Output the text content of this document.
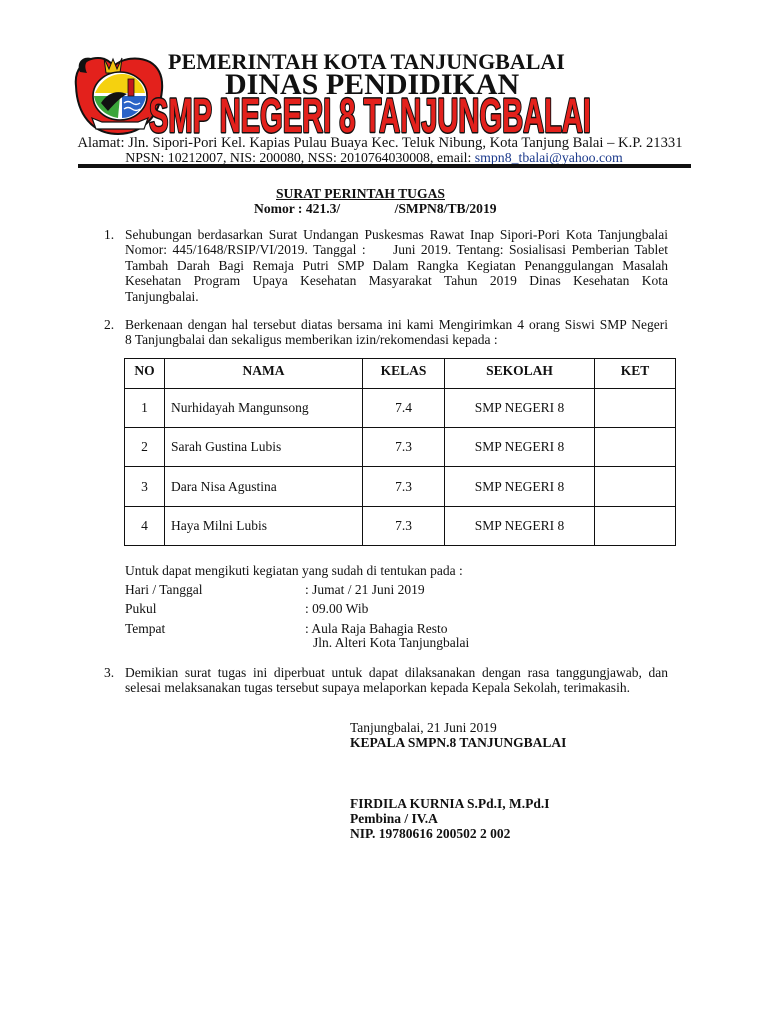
PEMERINTAH KOTA TANJUNGBALAI
DINAS PENDIDIKAN
SMP NEGERI 8 TANJUNGBALAI
Alamat: Jln. Sipori-Pori Kel. Kapias Pulau Buaya Kec. Teluk Nibung, Kota Tanjung Balai – K.P. 21331
NPSN: 10212007, NIS: 200080, NSS: 2010764030008, email: smpn8_tbalai@yahoo.com
SURAT PERINTAH TUGAS
Nomor : 421.3/                /SMPN8/TB/2019
1. Sehubungan berdasarkan Surat Undangan Puskesmas Rawat Inap Sipori-Pori Kota Tanjungbalai
Nomor: 445/1648/RSIP/VI/2019. Tanggal :     Juni 2019. Tentang: Sosialisasi Pemberian Tablet
Tambah Darah Bagi Remaja Putri SMP Dalam Rangka Kegiatan Penanggulangan Masalah
Kesehatan Program Upaya Kesehatan Masyarakat Tahun 2019 Dinas Kesehatan Kota
Tanjungbalai.
2. Berkenaan dengan hal tersebut diatas bersama ini kami Mengirimkan 4 orang Siswi SMP Negeri
8 Tanjungbalai dan sekaligus memberikan izin/rekomendasi kepada :
NO	NAMA	KELAS	SEKOLAH	KET
1	Nurhidayah Mangunsong	7.4	SMP NEGERI 8	
2	Sarah Gustina Lubis	7.3	SMP NEGERI 8	
3	Dara Nisa Agustina	7.3	SMP NEGERI 8	
4	Haya Milni Lubis	7.3	SMP NEGERI 8	
Untuk dapat mengikuti kegiatan yang sudah di tentukan pada :
Hari / Tanggal	: Jumat / 21 Juni 2019
Pukul	: 09.00 Wib
Tempat	: Aula Raja Bahagia Resto
Jln. Alteri Kota Tanjungbalai
3. Demikian surat tugas ini diperbuat untuk dapat dilaksanakan dengan rasa tanggungjawab, dan
selesai melaksanakan tugas tersebut supaya melaporkan kepada Kepala Sekolah, terimakasih.
Tanjungbalai, 21 Juni 2019
KEPALA SMPN.8 TANJUNGBALAI
FIRDILA KURNIA S.Pd.I, M.Pd.I
Pembina / IV.A
NIP. 19780616 200502 2 002
